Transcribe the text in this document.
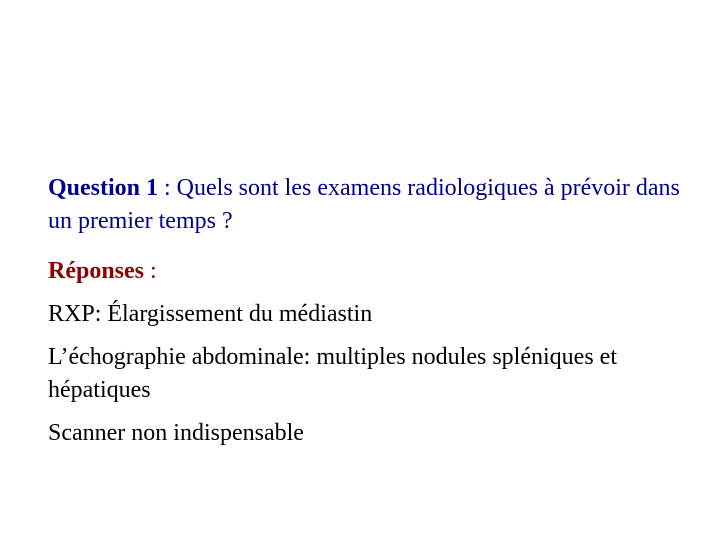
Question 1 : Quels sont les examens radiologiques à prévoir dans un premier temps ?

Réponses :

RXP: Élargissement du médiastin

L’échographie abdominale: multiples nodules spléniques et hépatiques

Scanner non indispensable
